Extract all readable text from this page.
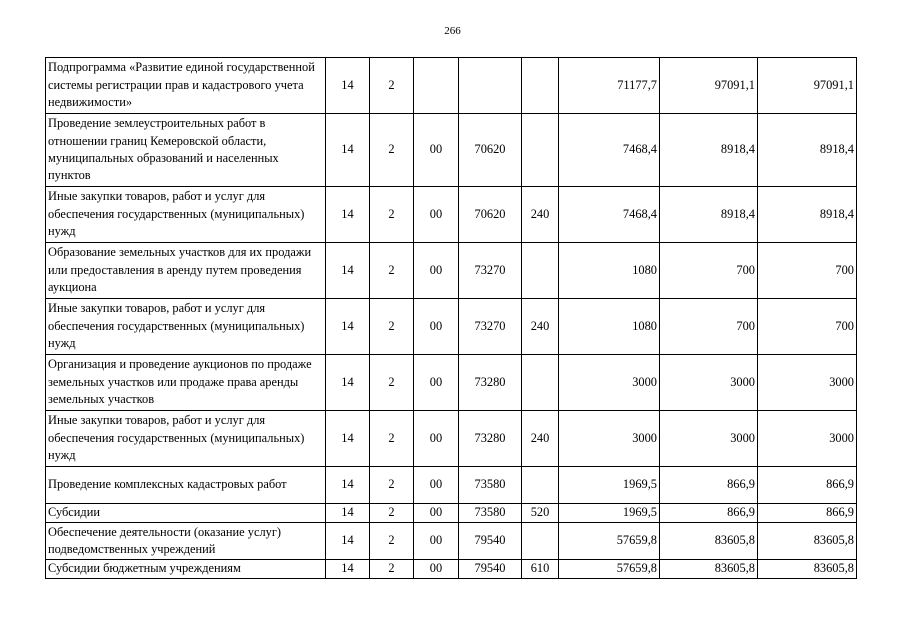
266
Подпрограмма «Развитие единой государственной системы регистрации прав и кадастрового учета недвижимости»	14	2				71177,7	97091,1	97091,1
Проведение землеустроительных работ в отношении границ Кемеровской области, муниципальных образований и населенных пунктов	14	2	00	70620		7468,4	8918,4	8918,4
Иные закупки товаров, работ и услуг для обеспечения государственных (муниципальных) нужд	14	2	00	70620	240	7468,4	8918,4	8918,4
Образование земельных участков для их продажи или предоставления в аренду путем проведения аукциона	14	2	00	73270		1080	700	700
Иные закупки товаров, работ и услуг для обеспечения государственных (муниципальных) нужд	14	2	00	73270	240	1080	700	700
Организация и проведение аукционов по продаже земельных участков или продаже права аренды земельных участков	14	2	00	73280		3000	3000	3000
Иные закупки товаров, работ и услуг для обеспечения государственных (муниципальных) нужд	14	2	00	73280	240	3000	3000	3000
Проведение комплексных кадастровых работ	14	2	00	73580		1969,5	866,9	866,9
Субсидии	14	2	00	73580	520	1969,5	866,9	866,9
Обеспечение деятельности (оказание услуг) подведомственных учреждений	14	2	00	79540		57659,8	83605,8	83605,8
Субсидии бюджетным учреждениям	14	2	00	79540	610	57659,8	83605,8	83605,8
